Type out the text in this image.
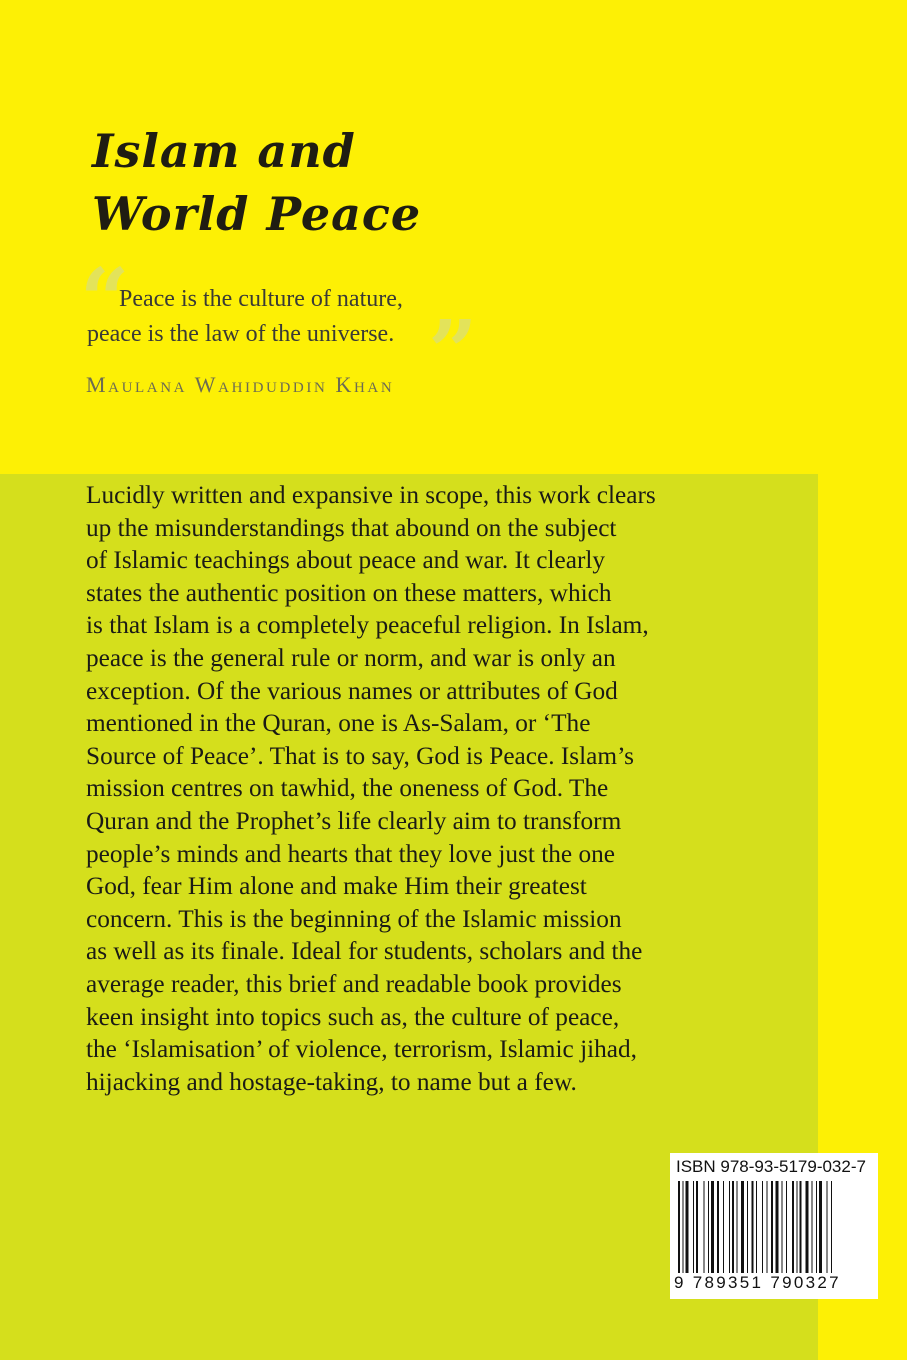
Islam and
World Peace
“
Peace is the culture of nature,
peace is the law of the universe. ”
Maulana Wahiduddin Khan
Lucidly written and expansive in scope, this work clears
up the misunderstandings that abound on the subject
of Islamic teachings about peace and war. It clearly
states the authentic position on these matters, which
is that Islam is a completely peaceful religion. In Islam,
peace is the general rule or norm, and war is only an
exception. Of the various names or attributes of God
mentioned in the Quran, one is As-Salam, or ‘The
Source of Peace’. That is to say, God is Peace. Islam’s
mission centres on tawhid, the oneness of God. The
Quran and the Prophet’s life clearly aim to transform
people’s minds and hearts that they love just the one
God, fear Him alone and make Him their greatest
concern. This is the beginning of the Islamic mission
as well as its finale. Ideal for students, scholars and the
average reader, this brief and readable book provides
keen insight into topics such as, the culture of peace,
the ‘Islamisation’ of violence, terrorism, Islamic jihad,
hijacking and hostage-taking, to name but a few.
ISBN 978-93-5179-032-7
9 789351 790327
